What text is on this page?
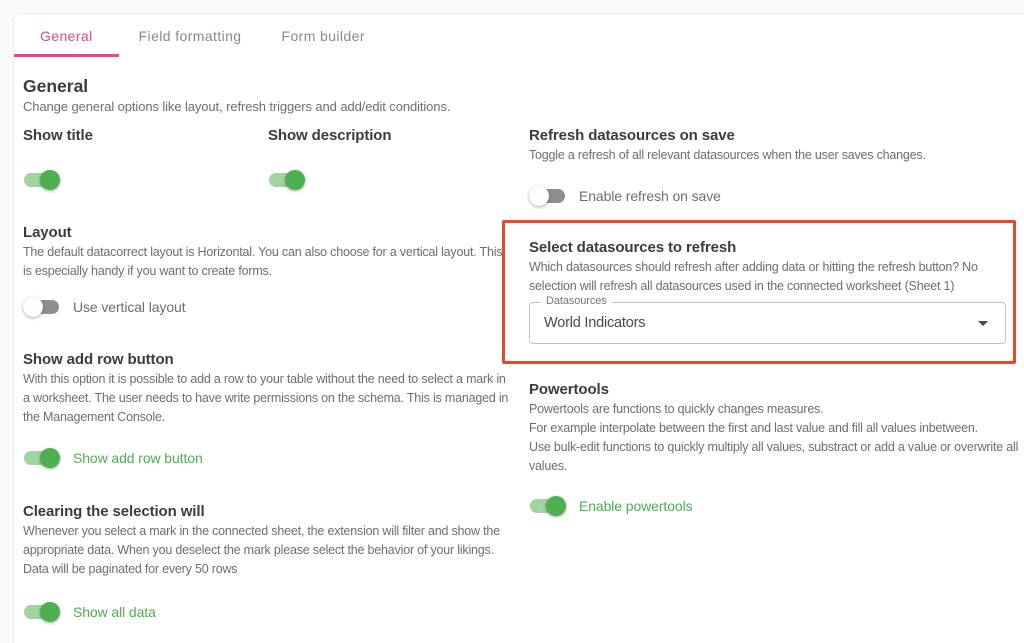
General	Field formatting	Form builder
General
Change general options like layout, refresh triggers and add/edit conditions.
Show title	Show description
Layout
The default datacorrect layout is Horizontal. You can also choose for a vertical layout. This is especially handy if you want to create forms.
Use vertical layout
Show add row button
With this option it is possible to add a row to your table without the need to select a mark in a worksheet. The user needs to have write permissions on the schema. This is managed in the Management Console.
Show add row button
Clearing the selection will
Whenever you select a mark in the connected sheet, the extension will filter and show the appropriate data. When you deselect the mark please select the behavior of your likings. Data will be paginated for every 50 rows
Show all data
Refresh datasources on save
Toggle a refresh of all relevant datasources when the user saves changes.
Enable refresh on save
Select datasources to refresh
Which datasources should refresh after adding data or hitting the refresh button? No selection will refresh all datasources used in the connected worksheet (Sheet 1)
Datasources
World Indicators
Powertools

Powertools are functions to quickly changes measures.

For example interpolate between the first and last value and fill all values inbetween.

Use bulk-edit functions to quickly multiply all values, substract or add a value or overwrite all values.

Enable powertools
